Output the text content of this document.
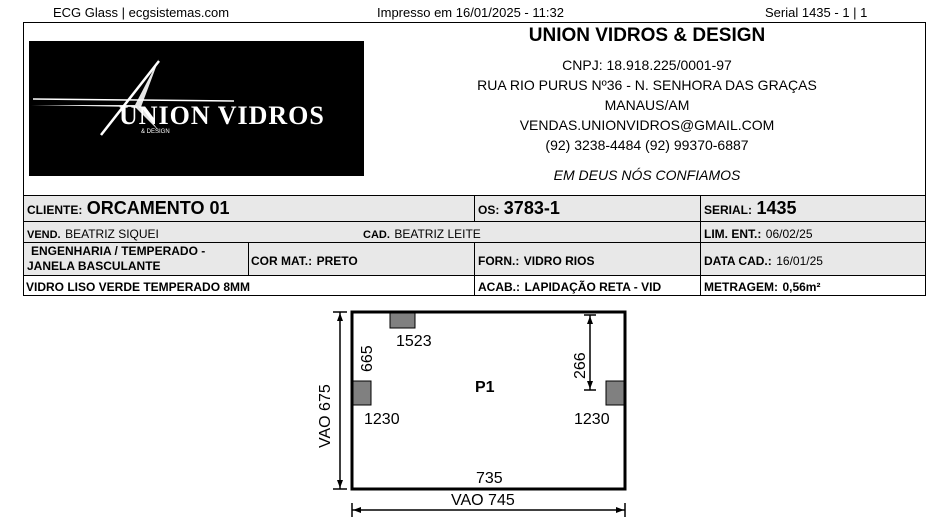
ECG Glass | ecgsistemas.com	Impresso em 16/01/2025 - 11:32	Serial 1435 - 1 | 1
UNION VIDROS
& DESIGN
UNION VIDROS & DESIGN
CNPJ: 18.918.225/0001-97
RUA RIO PURUS Nº36 - N. SENHORA DAS GRAÇAS
MANAUS/AM
VENDAS.UNIONVIDROS@GMAIL.COM
(92) 3238-4484 (92) 99370-6887
EM DEUS NÓS CONFIAMOS
CLIENTE: ORCAMENTO 01	OS: 3783-1	SERIAL: 1435
VEND. BEATRIZ SIQUEI	CAD. BEATRIZ LEITE	LIM. ENT.: 06/02/25
ENGENHARIA / TEMPERADO -
JANELA BASCULANTE	COR MAT.: PRETO	FORN.: VIDRO RIOS	DATA CAD.: 16/01/25
VIDRO LISO VERDE TEMPERADO 8MM	ACAB.: LAPIDAÇÃO RETA - VID	METRAGEM: 0,56m²
VAO 675
VAO 745
735
665	266
1523
1230	1230
P1
